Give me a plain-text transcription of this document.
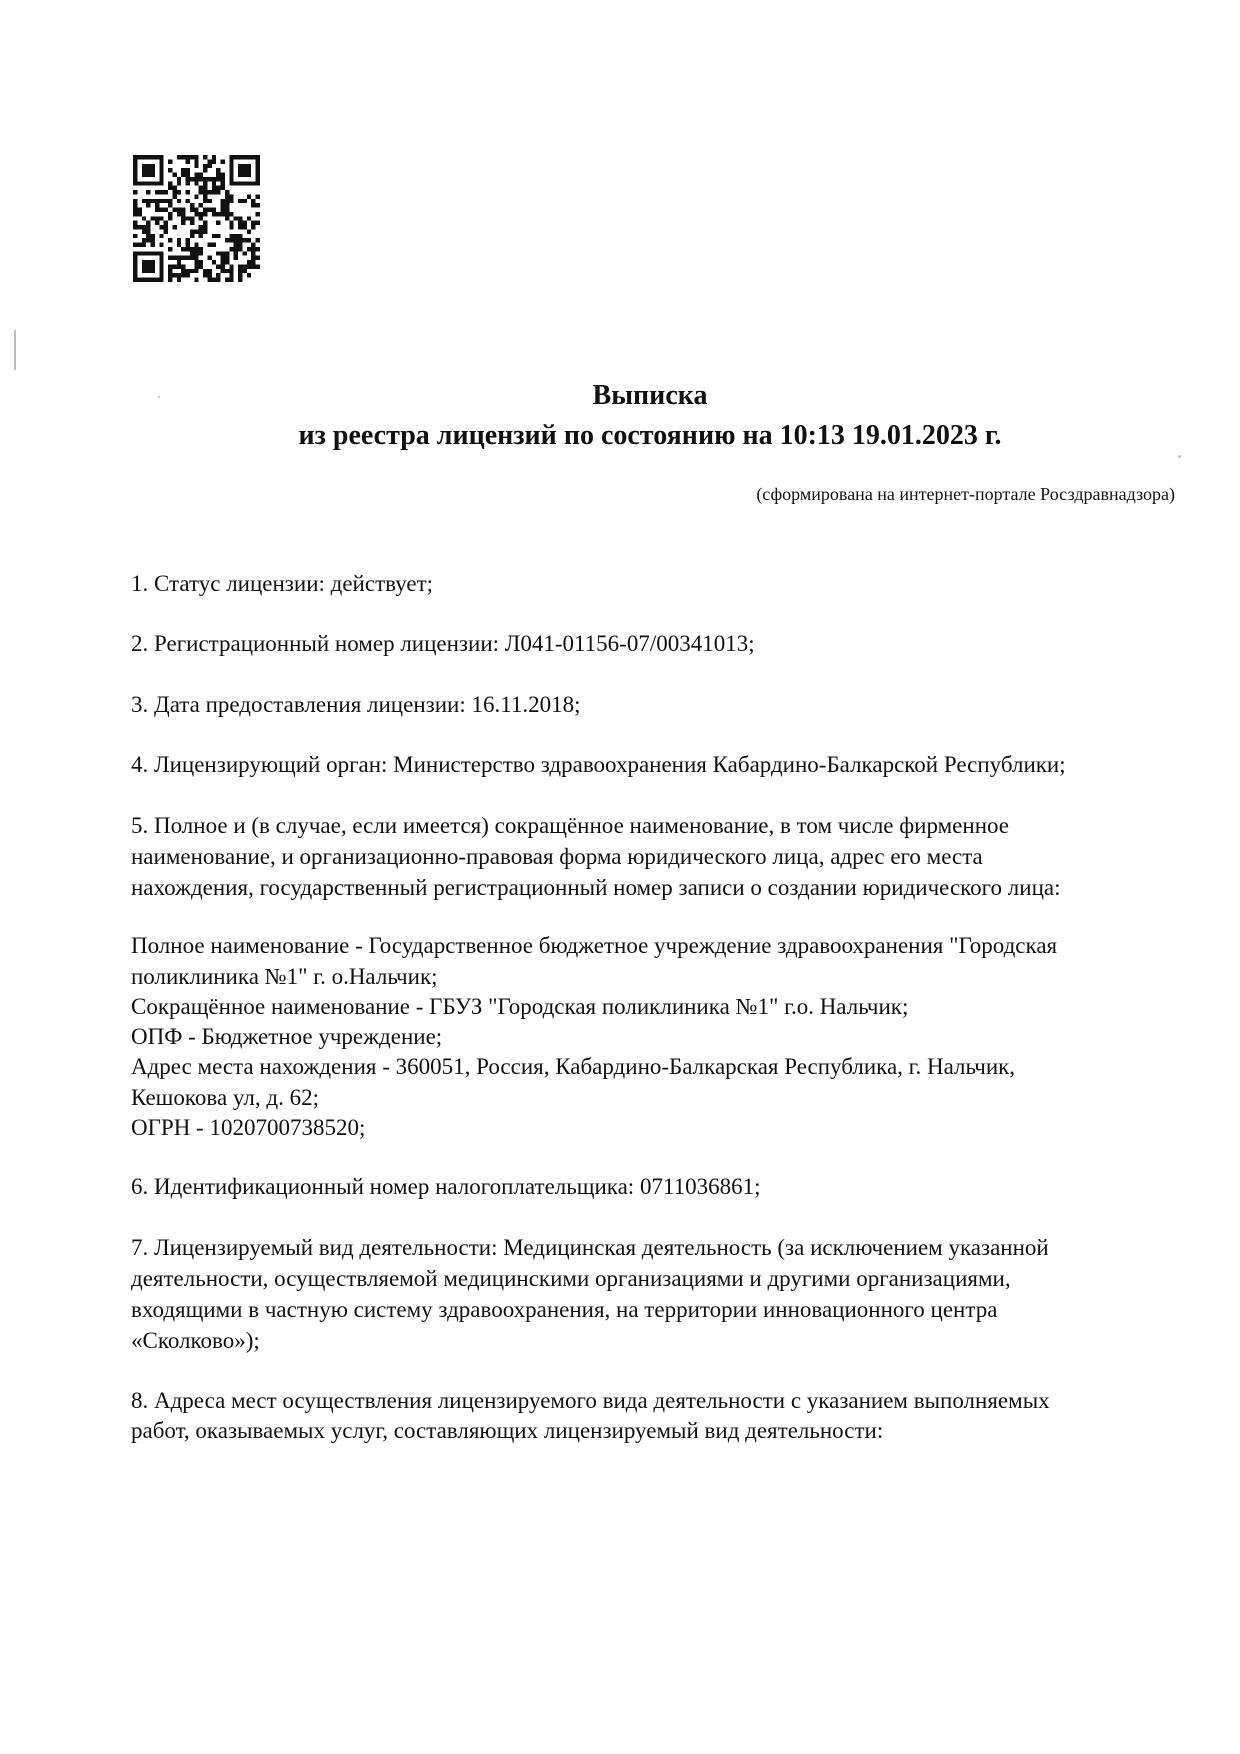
Выписка
из реестра лицензий по состоянию на 10:13 19.01.2023 г.
(сформирована на интернет-портале Росздравнадзора)
1. Статус лицензии: действует;
2. Регистрационный номер лицензии: Л041-01156-07/00341013;
3. Дата предоставления лицензии: 16.11.2018;
4. Лицензирующий орган: Министерство здравоохранения Кабардино-Балкарской Республики;
5. Полное и (в случае, если имеется) сокращённое наименование, в том числе фирменное
наименование, и организационно-правовая форма юридического лица, адрес его места
нахождения, государственный регистрационный номер записи о создании юридического лица:
Полное наименование - Государственное бюджетное учреждение здравоохранения "Городская
поликлиника №1" г. о.Нальчик;
Сокращённое наименование - ГБУЗ "Городская поликлиника №1" г.о. Нальчик;
ОПФ - Бюджетное учреждение;
Адрес места нахождения - 360051, Россия, Кабардино-Балкарская Республика, г. Нальчик,
Кешокова ул, д. 62;
ОГРН - 1020700738520;
6. Идентификационный номер налогоплательщика: 0711036861;
7. Лицензируемый вид деятельности: Медицинская деятельность (за исключением указанной
деятельности, осуществляемой медицинскими организациями и другими организациями,
входящими в частную систему здравоохранения, на территории инновационного центра
«Сколково»);
8. Адреса мест осуществления лицензируемого вида деятельности с указанием выполняемых
работ, оказываемых услуг, составляющих лицензируемый вид деятельности:
